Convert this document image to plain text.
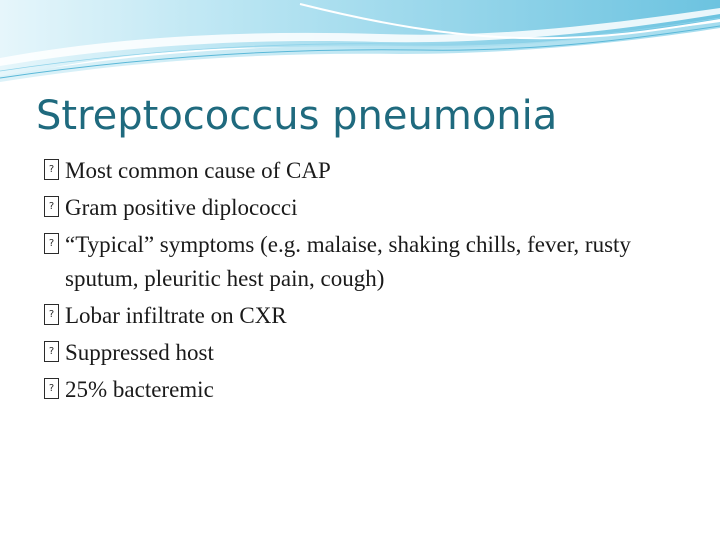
Streptococcus pneumonia
?
Most common cause of CAP
?
Gram positive diplococci
?
“Typical” symptoms (e.g. malaise, shaking chills, fever, rusty sputum, pleuritic hest pain, cough)
?
Lobar infiltrate on CXR
?
Suppressed host
?
25% bacteremic
